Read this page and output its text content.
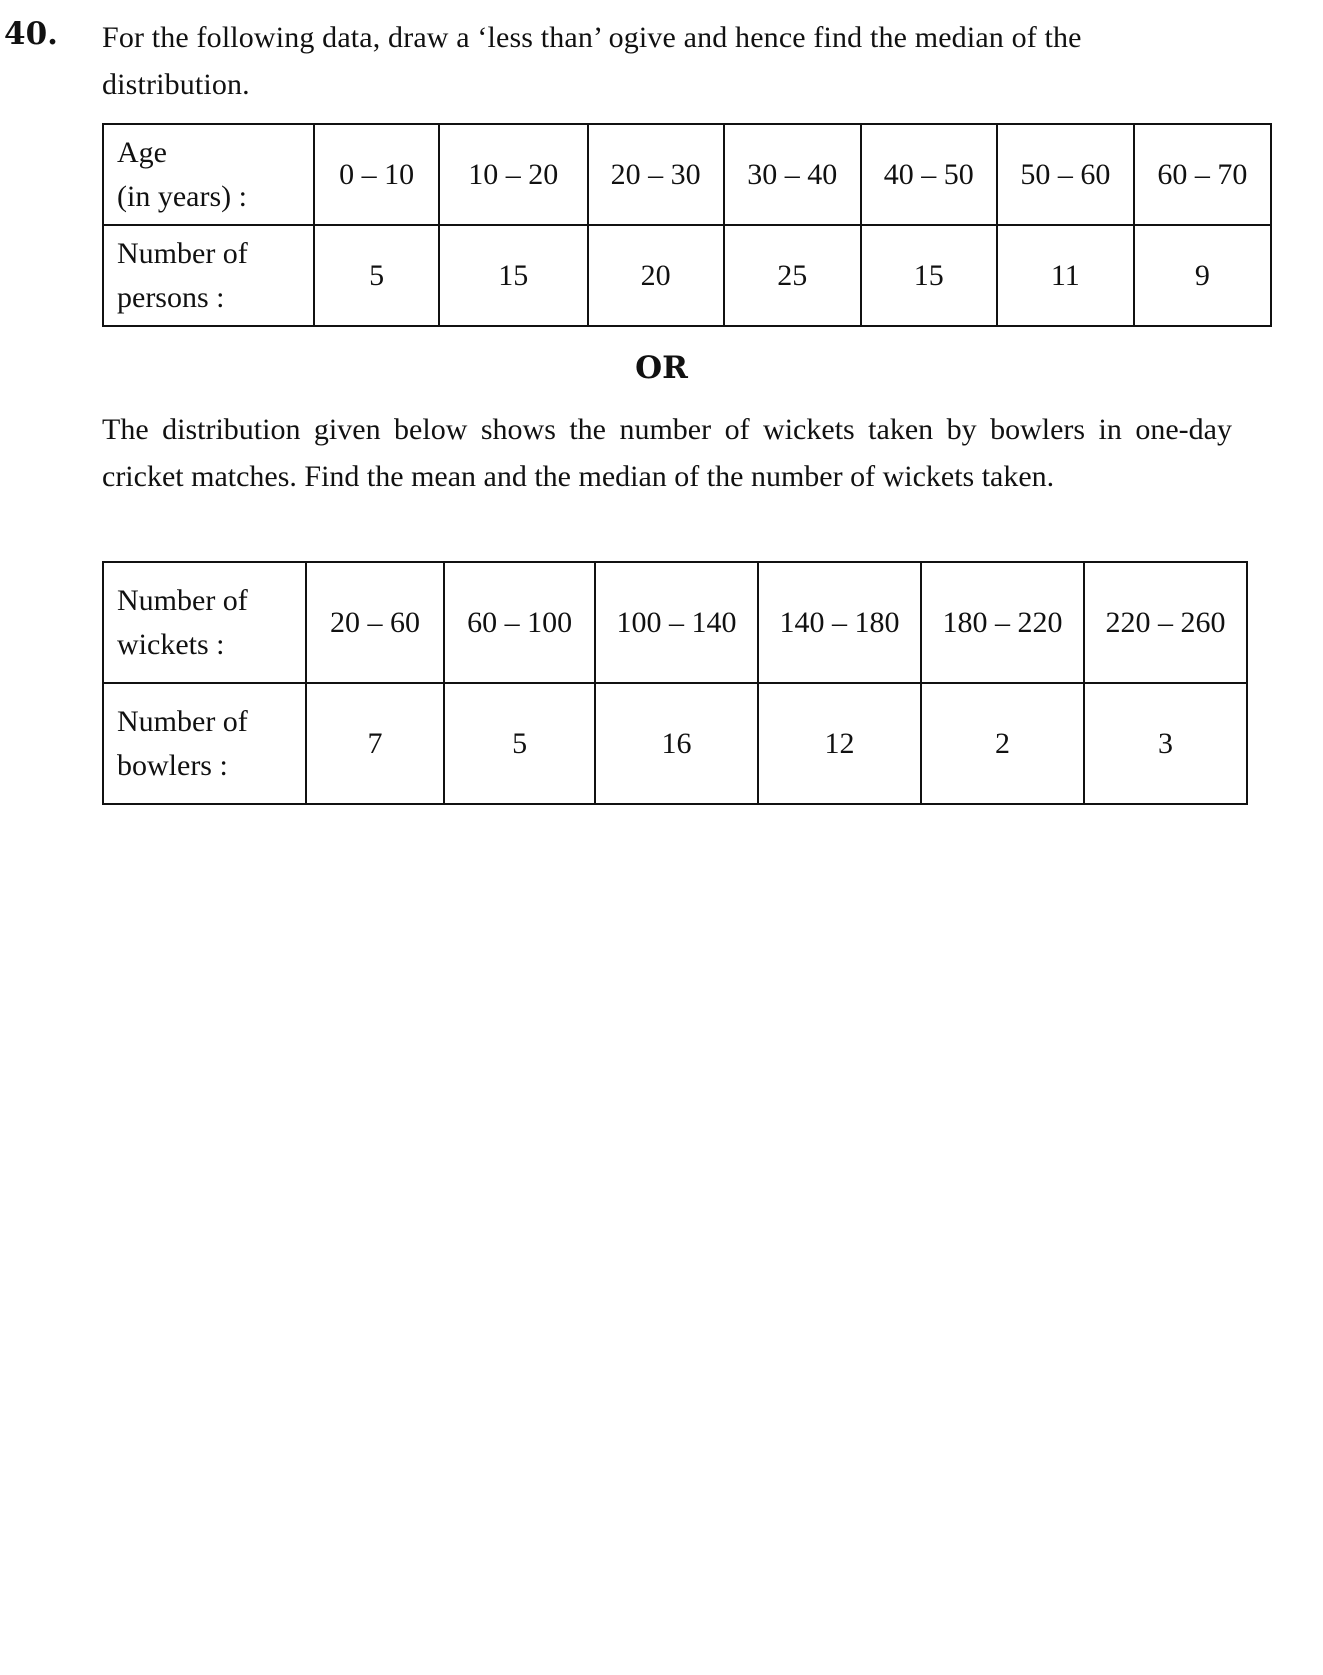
40. For the following data, draw a ‘less than’ ogive and hence find the median of the distribution.
Age
(in years) :	0 – 10	10 – 20	20 – 30	30 – 40	40 – 50	50 – 60	60 – 70
Number of
persons :	5	15	20	25	15	11	9
OR
The distribution given below shows the number of wickets taken by bowlers in one-day cricket matches. Find the mean and the median of the number of wickets taken.
Number of
wickets :	20 – 60	60 – 100	100 – 140	140 – 180	180 – 220	220 – 260
Number of
bowlers :	7	5	16	12	2	3
